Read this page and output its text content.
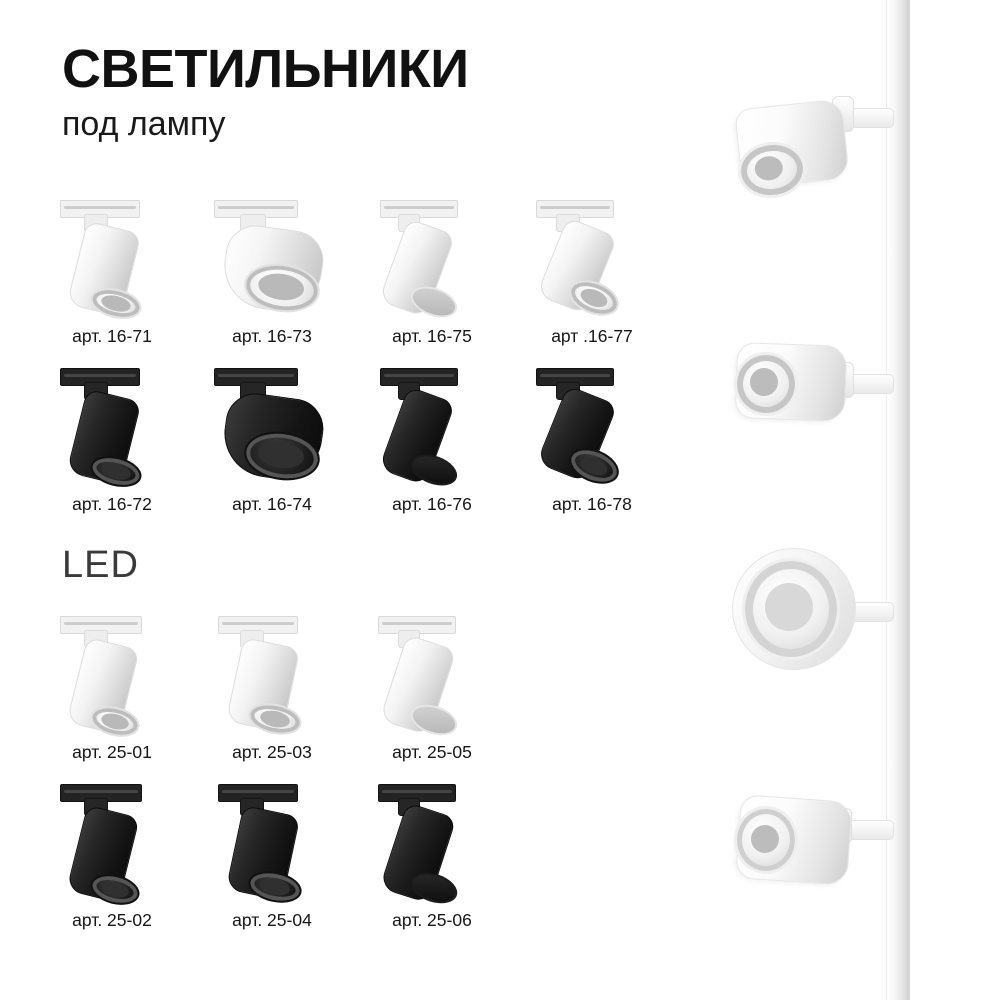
СВЕТИЛЬНИКИ
под лампу
арт. 16-71	арт. 16-73	арт. 16-75	арт .16-77
арт. 16-72	арт. 16-74	арт. 16-76	арт. 16-78
LED
арт. 25-01	арт. 25-03	арт. 25-05
арт. 25-02	арт. 25-04	арт. 25-06
